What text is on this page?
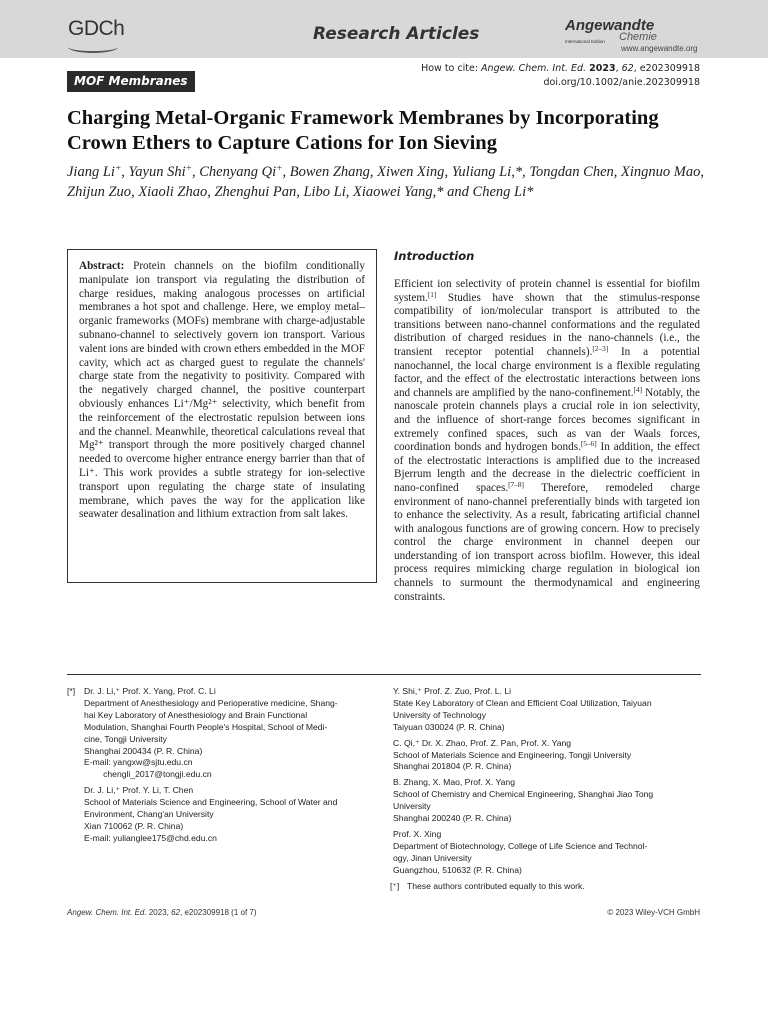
GDCh	Research Articles	Angewandte
International Edition Chemie
www.angewandte.org
MOF Membranes
How to cite: Angew. Chem. Int. Ed. 2023, 62, e202309918
doi.org/10.1002/anie.202309918
Charging Metal-Organic Framework Membranes by Incorporating Crown Ethers to Capture Cations for Ion Sieving
Jiang Li+, Yayun Shi+, Chenyang Qi+, Bowen Zhang, Xiwen Xing, Yuliang Li,*, Tongdan Chen, Xingnuo Mao, Zhijun Zuo, Xiaoli Zhao, Zhenghui Pan, Libo Li, Xiaowei Yang,* and Cheng Li*
Abstract: Protein channels on the biofilm conditionally manipulate ion transport via regulating the distribution of charge residues, making analogous processes on artificial membranes a hot spot and challenge. Here, we employ metal–organic frameworks (MOFs) membrane with charge-adjustable subnano-channel to selectively govern ion transport. Various valent ions are binded with crown ethers embedded in the MOF cavity, which act as charged guest to regulate the channels' charge state from the negativity to positivity. Compared with the negatively charged channel, the positive counterpart obviously enhances Li⁺/Mg²⁺ selectivity, which benefit from the reinforcement of the electrostatic repulsion between ions and the channel. Meanwhile, theoretical calculations reveal that Mg²⁺ transport through the more positively charged channel needed to overcome higher entrance energy barrier than that of Li⁺. This work provides a subtle strategy for ion-selective transport upon regulating the charge state of insulating membrane, which paves the way for the application like seawater desalination and lithium extraction from salt lakes.
Introduction
Efficient ion selectivity of protein channel is essential for biofilm system.[1] Studies have shown that the stimulus-response compatibility of ion/molecular transport is attributed to the transitions between nano-channel conformations and the regulated distribution of charged residues in the nano-channels (i.e., the transient receptor potential channels).[2–3] In a potential nanochannel, the local charge environment is a flexible regulating factor, and the effect of the electrostatic interactions between ions and channels are amplified by the nano-confinement.[4] Notably, the nanoscale protein channels plays a crucial role in ion selectivity, and the influence of short-range forces becomes significant in extremely confined spaces, such as van der Waals forces, coordination bonds and hydrogen bonds.[5–6] In addition, the effect of the electrostatic interactions is amplified due to the increased Bjerrum length and the decrease in the dielectric coefficient in nano-confined spaces.[7–8] Therefore, remodeled charge environment of nano-channel preferentially binds with targeted ion to enhance the selectivity. As a result, fabricating artificial channel with analogous functions are of growing concern. How to precisely control the charge environment in channel deepen our understanding of ion transport across biofilm. However, this ideal process requires mimicking charge regulation in biological ion channels to surmount the thermodynamical and engineering constraints.
[*] Dr. J. Li,⁺ Prof. X. Yang, Prof. C. Li
Department of Anesthesiology and Perioperative medicine, Shang-
hai Key Laboratory of Anesthesiology and Brain Functional
Modulation, Shanghai Fourth People's Hospital, School of Medi-
cine, Tongji University
Shanghai 200434 (P. R. China)
E-mail: yangxw@sjtu.edu.cn
chengli_2017@tongji.edu.cn
Dr. J. Li,⁺ Prof. Y. Li, T. Chen
School of Materials Science and Engineering, School of Water and
Environment, Chang'an University
Xian 710062 (P. R. China)
E-mail: yulianglee175@chd.edu.cn
Y. Shi,⁺ Prof. Z. Zuo, Prof. L. Li
State Key Laboratory of Clean and Efficient Coal Utilization, Taiyuan
University of Technology
Taiyuan 030024 (P. R. China)
C. Qi,⁺ Dr. X. Zhao, Prof. Z. Pan, Prof. X. Yang
School of Materials Science and Engineering, Tongji University
Shanghai 201804 (P. R. China)
B. Zhang, X. Mao, Prof. X. Yang
School of Chemistry and Chemical Engineering, Shanghai Jiao Tong
University
Shanghai 200240 (P. R. China)
Prof. X. Xing
Department of Biotechnology, College of Life Science and Technol-
ogy, Jinan University
Guangzhou, 510632 (P. R. China)
[⁺] These authors contributed equally to this work.
Angew. Chem. Int. Ed. 2023, 62, e202309918 (1 of 7)	© 2023 Wiley-VCH GmbH
